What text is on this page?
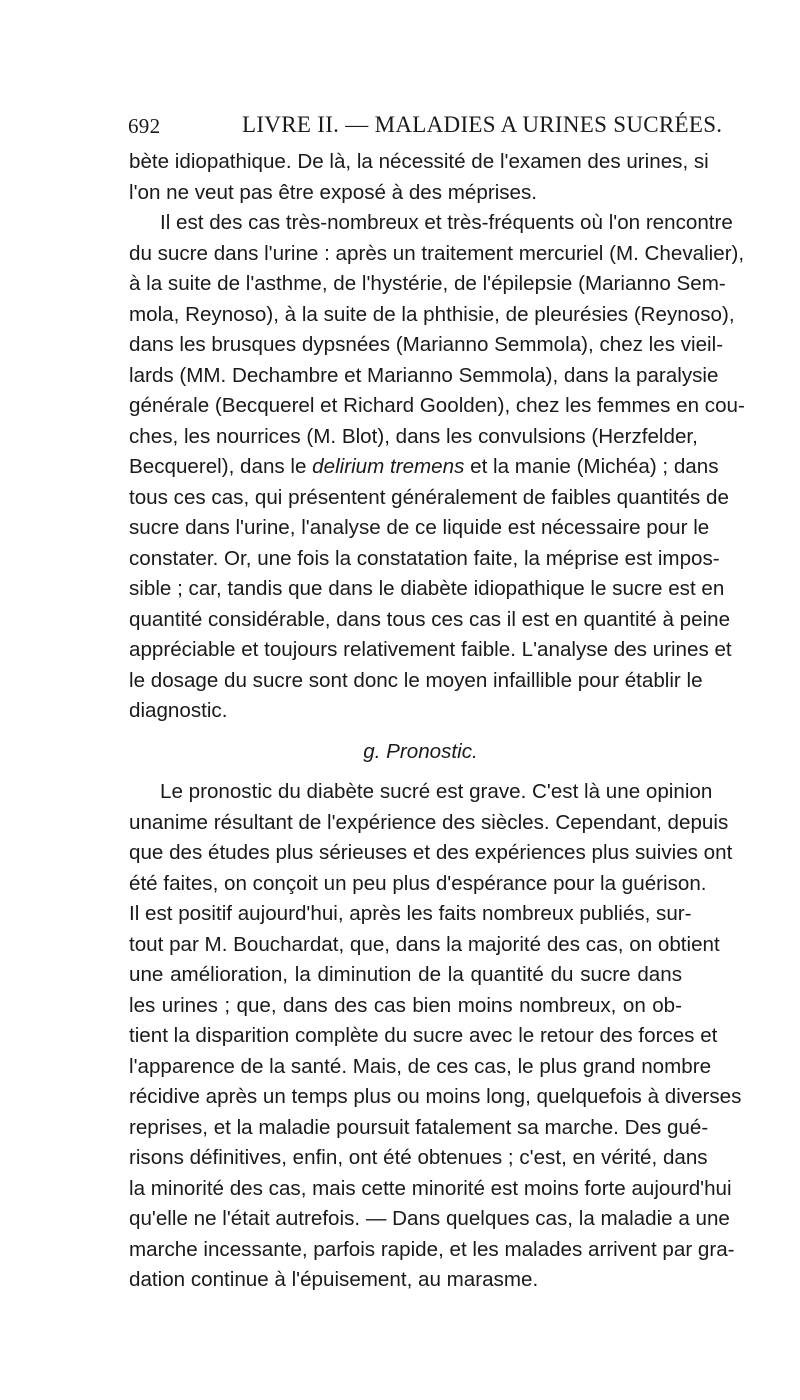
692	LIVRE II. — MALADIES A URINES SUCRÉES.
bète idiopathique. De là, la nécessité de l'examen des urines, si
l'on ne veut pas être exposé à des méprises.
Il est des cas très-nombreux et très-fréquents où l'on rencontre
du sucre dans l'urine : après un traitement mercuriel (M. Chevalier),
à la suite de l'asthme, de l'hystérie, de l'épilepsie (Marianno Sem-
mola, Reynoso), à la suite de la phthisie, de pleurésies (Reynoso),
dans les brusques dypsnées (Marianno Semmola), chez les vieil-
lards (MM. Dechambre et Marianno Semmola), dans la paralysie
générale (Becquerel et Richard Goolden), chez les femmes en cou-
ches, les nourrices (M. Blot), dans les convulsions (Herzfelder,
Becquerel), dans le delirium tremens et la manie (Michéa) ; dans
tous ces cas, qui présentent généralement de faibles quantités de
sucre dans l'urine, l'analyse de ce liquide est nécessaire pour le
constater. Or, une fois la constatation faite, la méprise est impos-
sible ; car, tandis que dans le diabète idiopathique le sucre est en
quantité considérable, dans tous ces cas il est en quantité à peine
appréciable et toujours relativement faible. L'analyse des urines et
le dosage du sucre sont donc le moyen infaillible pour établir le
diagnostic.
g. Pronostic.
Le pronostic du diabète sucré est grave. C'est là une opinion
unanime résultant de l'expérience des siècles. Cependant, depuis
que des études plus sérieuses et des expériences plus suivies ont
été faites, on conçoit un peu plus d'espérance pour la guérison.
Il est positif aujourd'hui, après les faits nombreux publiés, sur-
tout par M. Bouchardat, que, dans la majorité des cas, on obtient
une amélioration, la diminution de la quantité du sucre dans
les urines ; que, dans des cas bien moins nombreux, on ob-
tient la disparition complète du sucre avec le retour des forces et
l'apparence de la santé. Mais, de ces cas, le plus grand nombre
récidive après un temps plus ou moins long, quelquefois à diverses
reprises, et la maladie poursuit fatalement sa marche. Des gué-
risons définitives, enfin, ont été obtenues ; c'est, en vérité, dans
la minorité des cas, mais cette minorité est moins forte aujourd'hui
qu'elle ne l'était autrefois. — Dans quelques cas, la maladie a une
marche incessante, parfois rapide, et les malades arrivent par gra-
dation continue à l'épuisement, au marasme.
